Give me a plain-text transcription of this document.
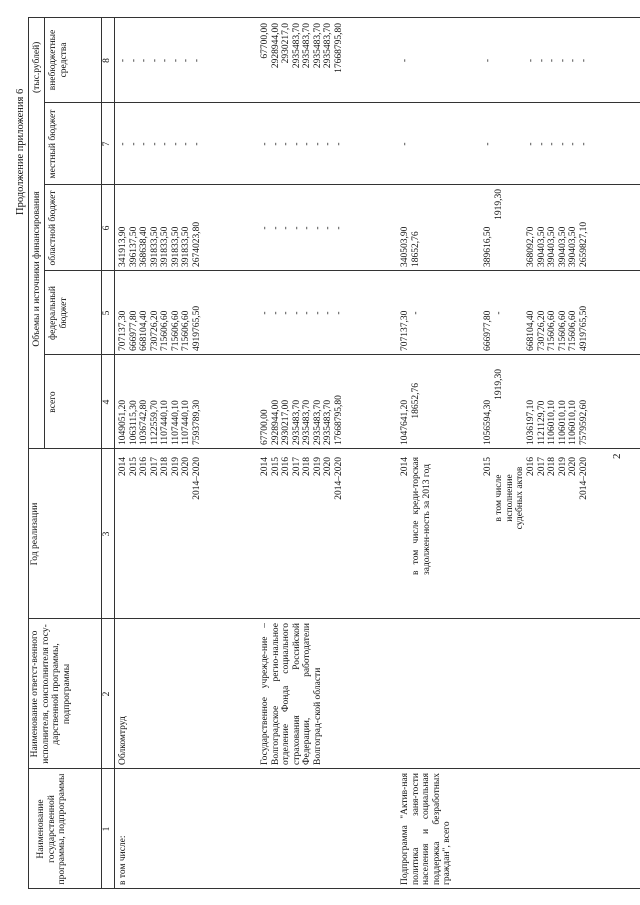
2
Продолжение приложения 6
Наименование государственной программы, подпрограммы
Наименование ответст-венного исполнителя, соисполнителя госу-дарственной программы, подпрограммы
Год реализации
Объемы и источники финансирования
(тыс.рублей)
всего
федеральный бюджет
областной бюджет
местный бюджет
внебюджетные средства
1
2
3
4
5
6
7
8
в том числе:
Облкомтруд
2014 2015 2016 2017 2018 2019 2020 2014–2020
1049051,20 1063115,30 1036742,80 1122559,70 1107440,10 1107440,10 1107440,10 7593789,30
707137,30 666977,80 668104,40 730726,20 715606,60 715606,60 715606,60 4919765,50
341913,90 396137,50 368638,40 391833,50 391833,50 391833,50 391833,50 2674023,80
- - - - - - - -
- - - - - - - -
Государственное учрежде-ние – Волгоградское регио-нальное отделение Фонда социального страхования Российской Федерации, работодатели Волгоград-ской области
2014 2015 2016 2017 2018 2019 2020 2014–2020
67700,00 2928944,00 2930217,00 2935483,70 2935483,70 2935483,70 2935483,70 17668795,80
- - - - - - - -
- - - - - - - -
- - - - - - - -
67700,00 2928944,00 2930217,0 2935483,70 2935483,70 2935483,70 2935483,70 17668795,80
Подпрограмма "Актив-ная политика заня-тости населения и социальная поддержка безработных граждан", всего
2014
1047641,20
707137,30
340503,90
-
-
в том числе креди-торская задолжен-ность за 2013 год
18652,76
-
18652,76
2015
1056594,30
666977,80
389616,50
-
-
в том числе исполнение судебных актов
1919,30
-
1919,30
2016 2017 2018 2019 2020 2014–2020
1036197,10 1121129,70 1106010,10 1106010,10 1106010,10 7579592,60
668104,40 730726,20 715606,60 715606,60 715606,60 4919765,50
368092,70 390403,50 390403,50 390403,50 390403,50 2659827,10
- - - - - -
- - - - - -
